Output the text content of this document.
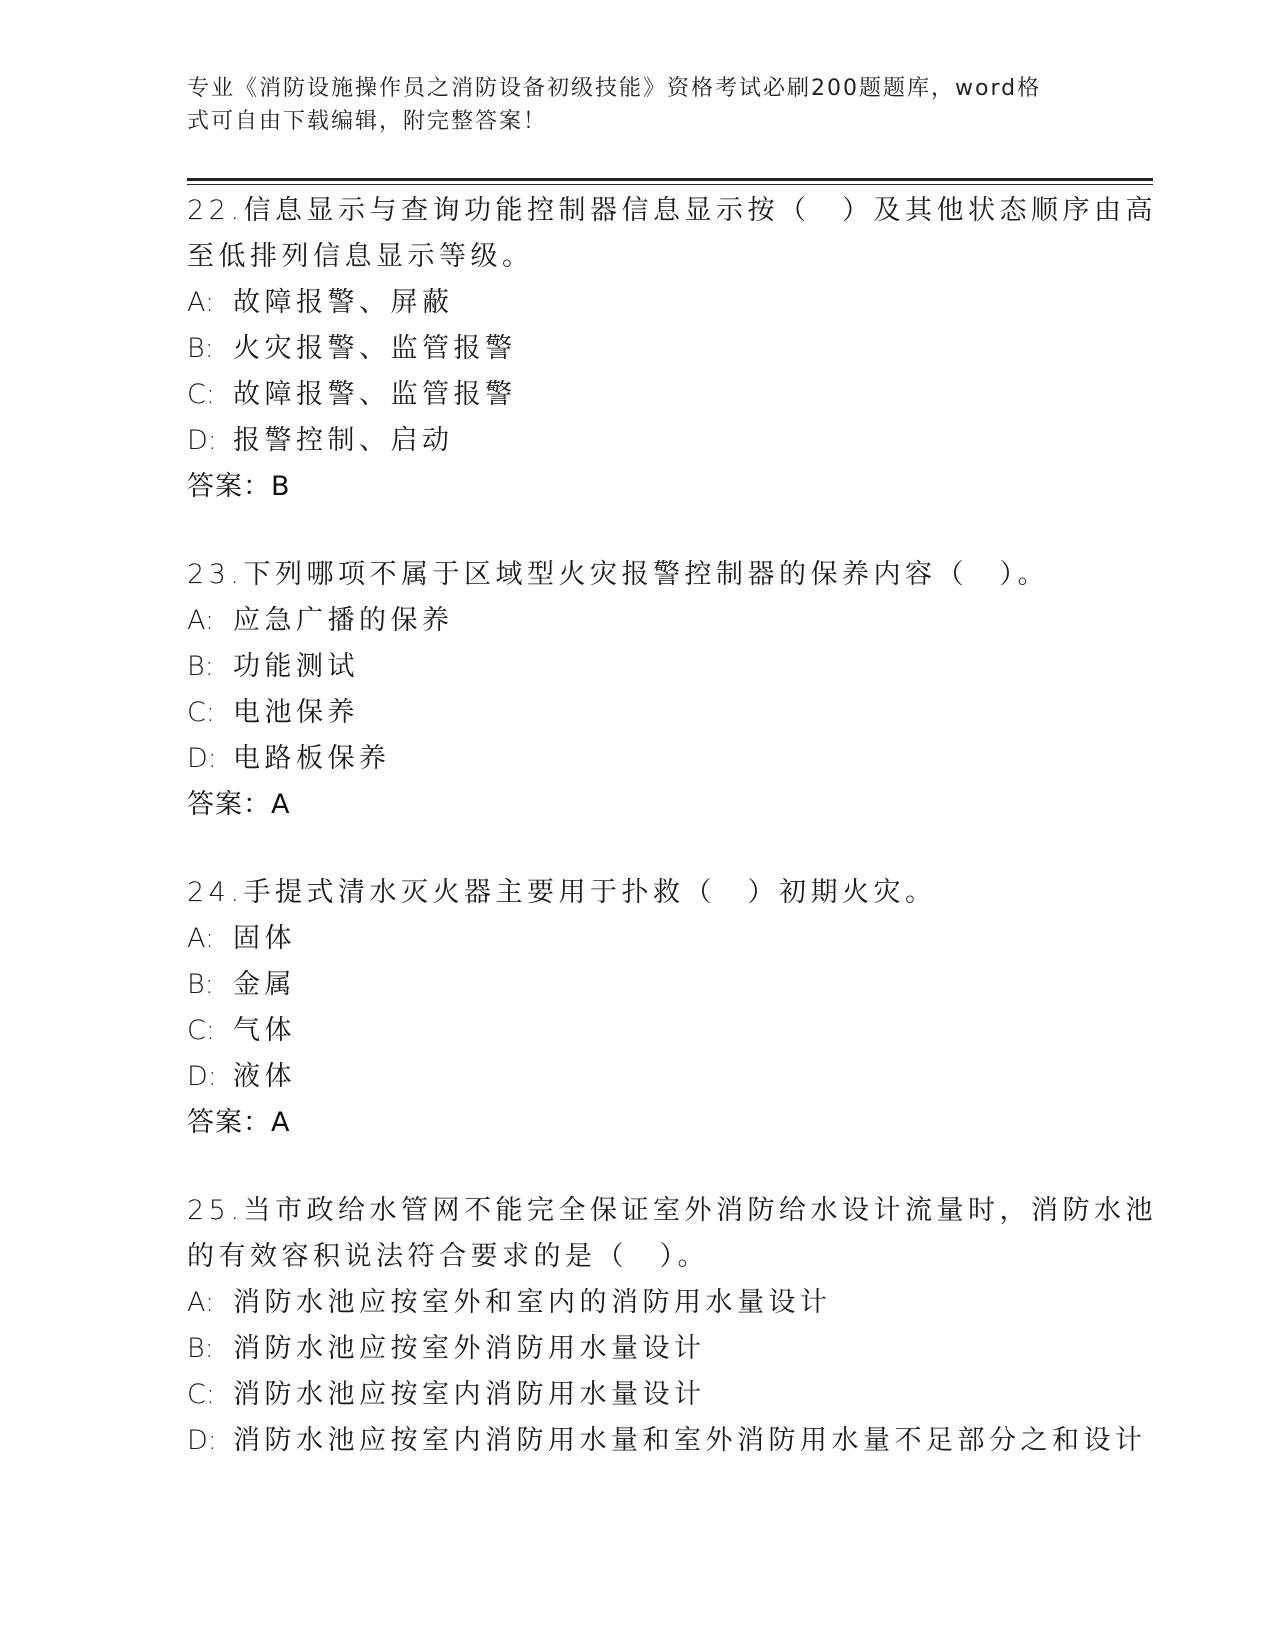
专业《消防设施操作员之消防设备初级技能》资格考试必刷200题题库，word格
式可自由下载编辑，附完整答案！
22.信息显示与查询功能控制器信息显示按（　）及其他状态顺序由高
至低排列信息显示等级。
A: 故障报警、屏蔽
B: 火灾报警、监管报警
C: 故障报警、监管报警
D: 报警控制、启动
答案：B
23.下列哪项不属于区域型火灾报警控制器的保养内容（　）。
A: 应急广播的保养
B: 功能测试
C: 电池保养
D: 电路板保养
答案：A
24.手提式清水灭火器主要用于扑救（　）初期火灾。
A: 固体
B: 金属
C: 气体
D: 液体
答案：A
25.当市政给水管网不能完全保证室外消防给水设计流量时，消防水池
的有效容积说法符合要求的是（　）。
A: 消防水池应按室外和室内的消防用水量设计
B: 消防水池应按室外消防用水量设计
C: 消防水池应按室内消防用水量设计
D: 消防水池应按室内消防用水量和室外消防用水量不足部分之和设计
